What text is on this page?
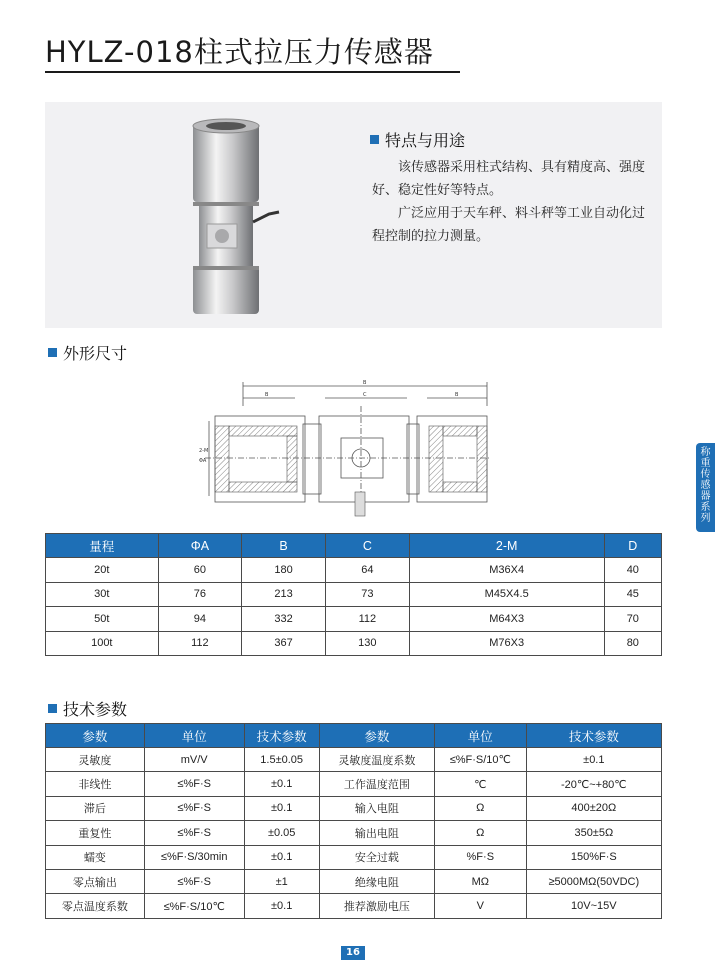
HYLZ-018柱式拉压力传感器
特点与用途

该传感器采用柱式结构、具有精度高、强度好、稳定性好等特点。

广泛应用于天车秤、料斗秤等工业自动化过程控制的拉力测量。

外形尺寸
B
C
B	B
ΦA
2-M
量程	ΦA	B	C	2-M	D
20t	60	180	64	M36X4	40
30t	76	213	73	M45X4.5	45
50t	94	332	112	M64X3	70
100t	112	367	130	M76X3	80
技术参数
参数	单位	技术参数	参数	单位	技术参数
灵敏度	mV/V	1.5±0.05	灵敏度温度系数	≤%F·S/10℃	±0.1
非线性	≤%F·S	±0.1	工作温度范围	℃	-20℃~+80℃
滞后	≤%F·S	±0.1	输入电阻	Ω	400±20Ω
重复性	≤%F·S	±0.05	输出电阻	Ω	350±5Ω
蠕变	≤%F·S/30min	±0.1	安全过载	%F·S	150%F·S
零点输出	≤%F·S	±1	绝缘电阻	MΩ	≥5000MΩ(50VDC)
零点温度系数	≤%F·S/10℃	±0.1	推荐激励电压	V	10V~15V
称
重
传
感
器
系
列
16
